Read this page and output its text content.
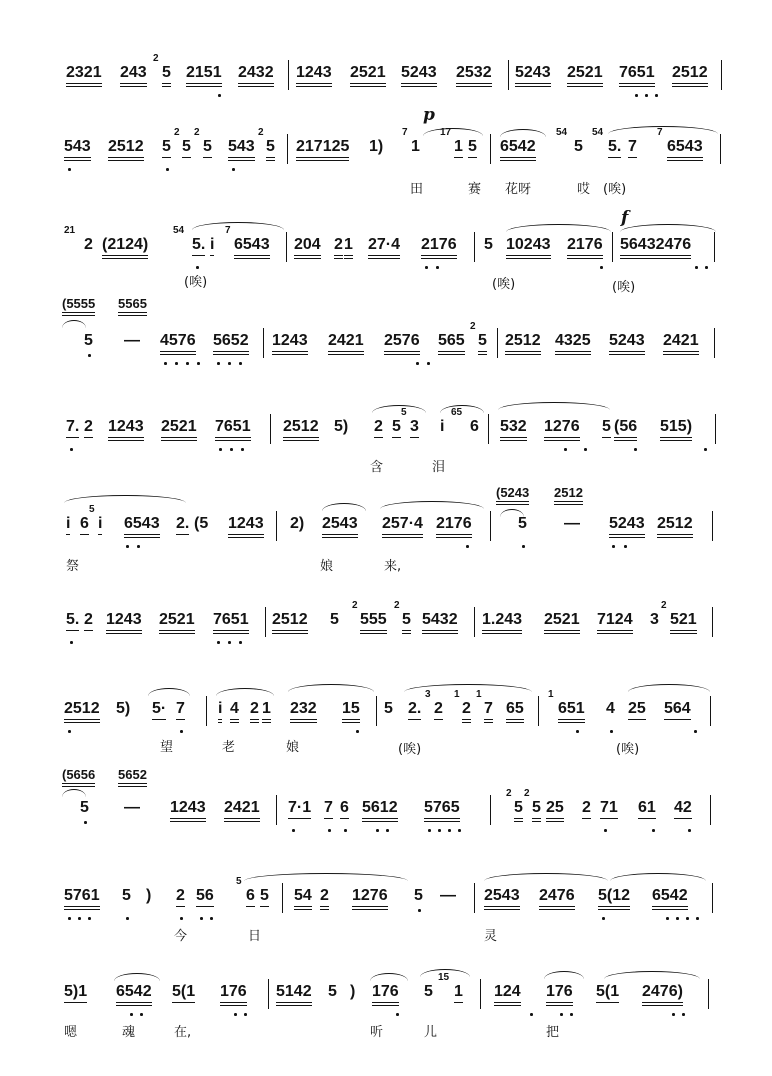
2321 243
2
5 2151 2432 1243 2521 5243 2532 5243 2521 7651 2512
p
543 2512 5
2
5
2
5 543
2
5 217125 1)
7
1
17
1 5 6542
54
5
54
5. 7
7
6543
田	赛 花呀	哎 (唉)
f
21
2 (2124)
54
5. i
7
6543 204 2 1 27·4 2176 5 10243 2176 56432476
(唉)	(唉)	(唉)
(5555 5565
5 — 4576 5652 1243 2421 2576 565
2
5 2512 4325 5243 2421
7. 2 1243 2521 7651 2512 5) 2 5
5
3 i
65
6 532 1276 5 (56 515)
含	泪
(5243 2512
i 6
5
i 6543 2. (5 1243 2) 2543 257·4 2176	5 — 5243 2512
祭	娘	来,
5. 2 1243 2521 7651 2512 5
2
555
2
5 5432 1.243 2521 7124 3
2
521
2512 5) 5· 7 i 4 2 1 232 15 5 2.
3
2
1
2
1
7 65
1
651 4 25 564
望	老	娘	(唉)	(唉)
(5656 5652
5 — 1243 2421 7·1 7 6 5612 5765
2
5
2
5 25 2 71 61 42
5761 5 ) 2 56
5
6 5 54 2 1276 5 — 2543 2476 5(12 6542
今	日	灵
5)1 6542 5(1 176 5142 5 ) 176 5
15
1 124 176 5(1 2476)
嗯	魂	在,	听	儿	把
